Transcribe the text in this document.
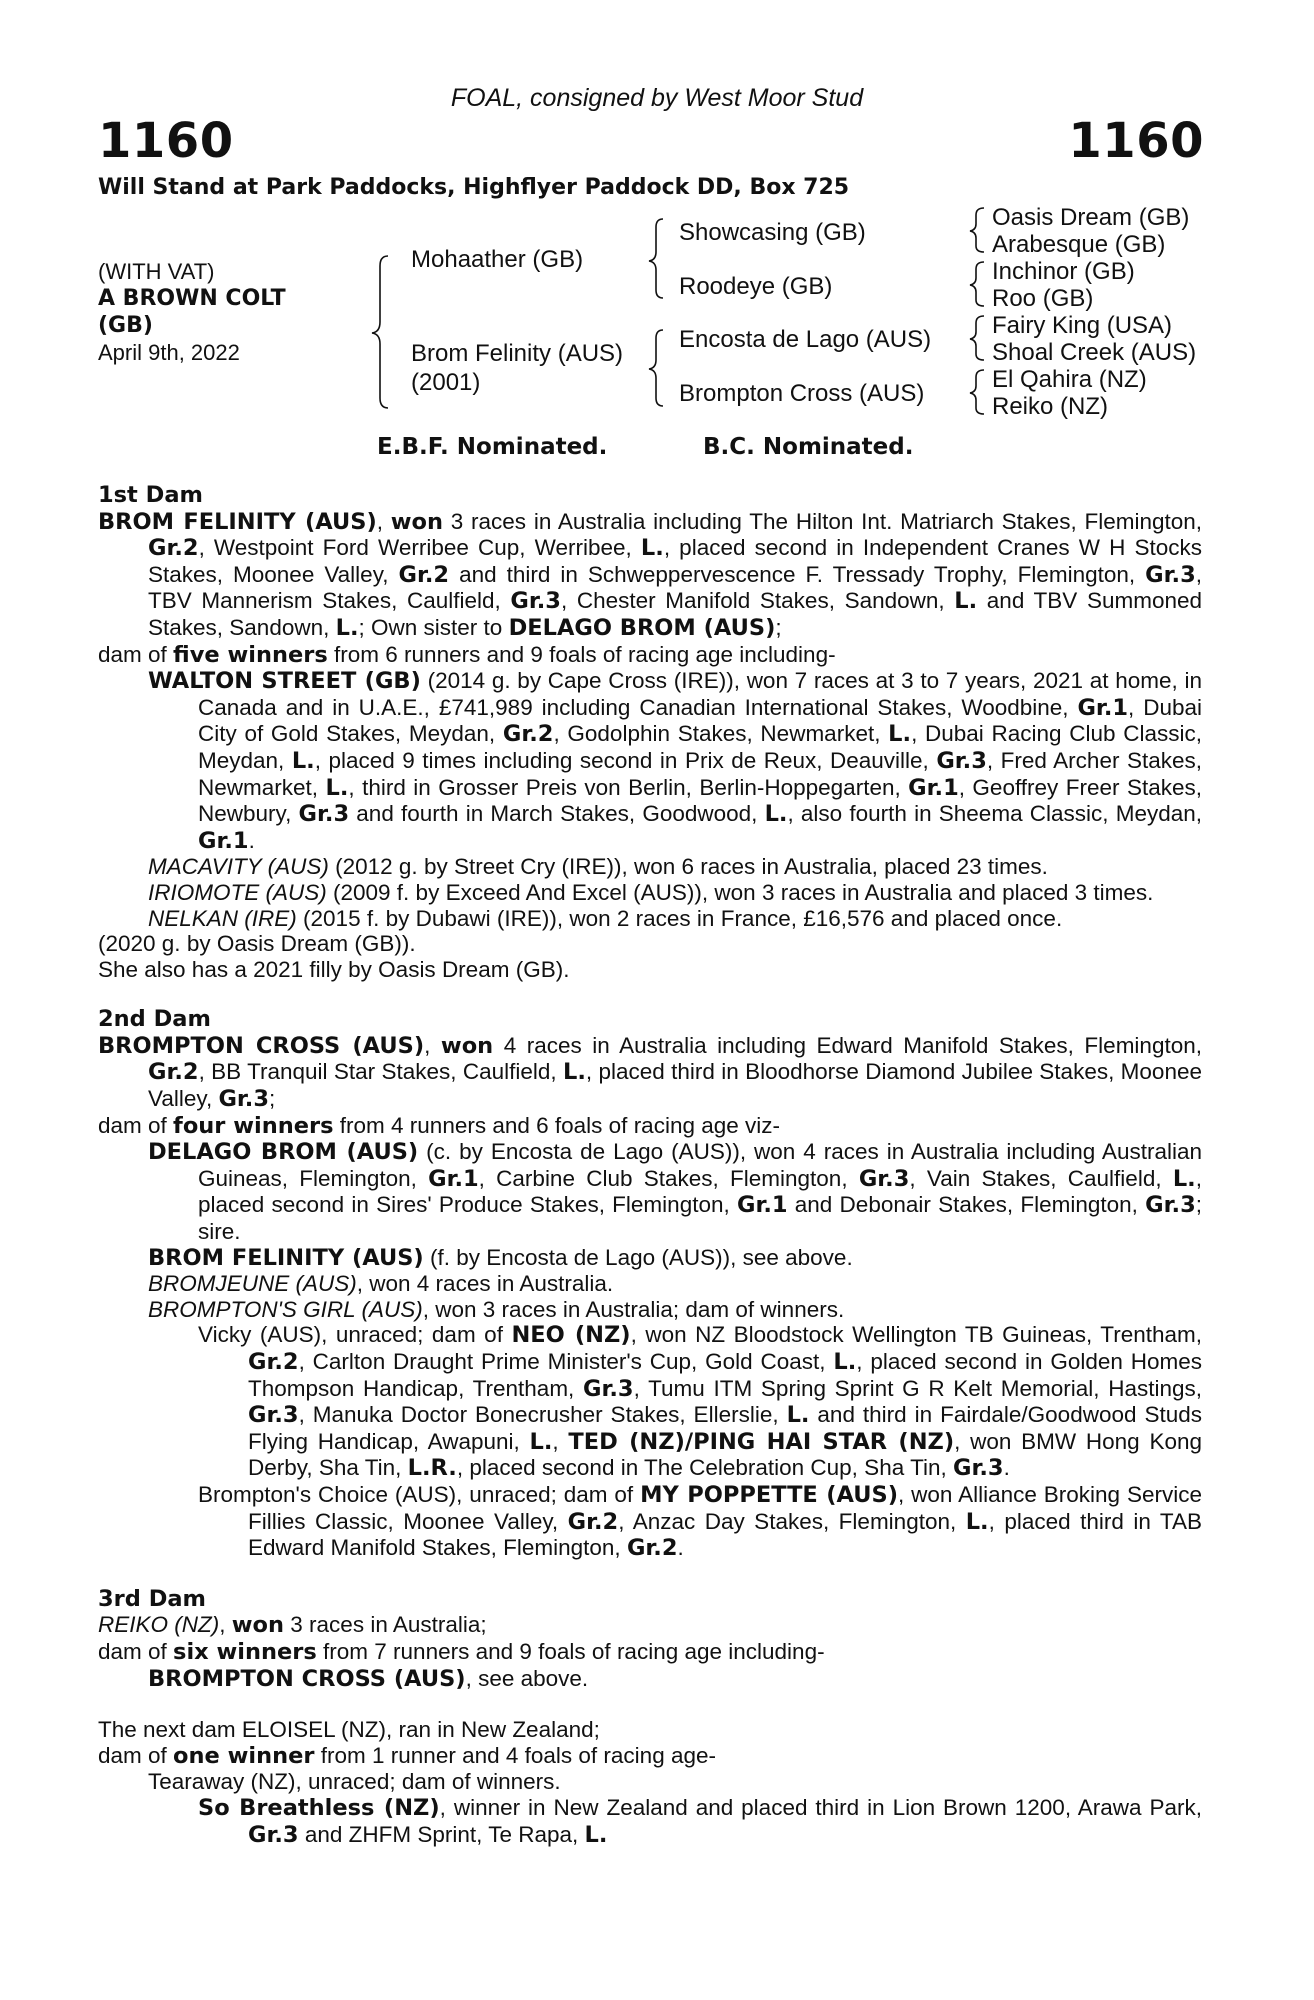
FOAL, consigned by West Moor Stud
1160	1160
Will Stand at Park Paddocks, Highflyer Paddock DD, Box 725
(WITH VAT)
A BROWN COLT
(GB)
April 9th, 2022
Mohaather (GB)
Brom Felinity (AUS)
(2001)
Showcasing (GB)
Roodeye (GB)
Encosta de Lago (AUS)
Brompton Cross (AUS)
Oasis Dream (GB)
Arabesque (GB)
Inchinor (GB)
Roo (GB)
Fairy King (USA)
Shoal Creek (AUS)
El Qahira (NZ)
Reiko (NZ)
E.B.F. Nominated.	B.C. Nominated.
1st Dam
BROM FELINITY (AUS), won 3 races in Australia including The Hilton Int. Matriarch Stakes, Flemington, Gr.2, Westpoint Ford Werribee Cup, Werribee, L., placed second in Independent Cranes W H Stocks Stakes, Moonee Valley, Gr.2 and third in Schweppervescence F. Tressady Trophy, Flemington, Gr.3, TBV Mannerism Stakes, Caulfield, Gr.3, Chester Manifold Stakes, Sandown, L. and TBV Summoned Stakes, Sandown, L.; Own sister to DELAGO BROM (AUS);
dam of five winners from 6 runners and 9 foals of racing age including-
WALTON STREET (GB) (2014 g. by Cape Cross (IRE)), won 7 races at 3 to 7 years, 2021 at home, in Canada and in U.A.E., £741,989 including Canadian International Stakes, Woodbine, Gr.1, Dubai City of Gold Stakes, Meydan, Gr.2, Godolphin Stakes, Newmarket, L., Dubai Racing Club Classic, Meydan, L., placed 9 times including second in Prix de Reux, Deauville, Gr.3, Fred Archer Stakes, Newmarket, L., third in Grosser Preis von Berlin, Berlin-Hoppegarten, Gr.1, Geoffrey Freer Stakes, Newbury, Gr.3 and fourth in March Stakes, Goodwood, L., also fourth in Sheema Classic, Meydan, Gr.1.
MACAVITY (AUS) (2012 g. by Street Cry (IRE)), won 6 races in Australia, placed 23 times.
IRIOMOTE (AUS) (2009 f. by Exceed And Excel (AUS)), won 3 races in Australia and placed 3 times.
NELKAN (IRE) (2015 f. by Dubawi (IRE)), won 2 races in France, £16,576 and placed once.
(2020 g. by Oasis Dream (GB)).
She also has a 2021 filly by Oasis Dream (GB).
2nd Dam
BROMPTON CROSS (AUS), won 4 races in Australia including Edward Manifold Stakes, Flemington, Gr.2, BB Tranquil Star Stakes, Caulfield, L., placed third in Bloodhorse Diamond Jubilee Stakes, Moonee Valley, Gr.3;
dam of four winners from 4 runners and 6 foals of racing age viz-
DELAGO BROM (AUS) (c. by Encosta de Lago (AUS)), won 4 races in Australia including Australian Guineas, Flemington, Gr.1, Carbine Club Stakes, Flemington, Gr.3, Vain Stakes, Caulfield, L., placed second in Sires' Produce Stakes, Flemington, Gr.1 and Debonair Stakes, Flemington, Gr.3; sire.
BROM FELINITY (AUS) (f. by Encosta de Lago (AUS)), see above.
BROMJEUNE (AUS), won 4 races in Australia.
BROMPTON'S GIRL (AUS), won 3 races in Australia; dam of winners.
Vicky (AUS), unraced; dam of NEO (NZ), won NZ Bloodstock Wellington TB Guineas, Trentham, Gr.2, Carlton Draught Prime Minister's Cup, Gold Coast, L., placed second in Golden Homes Thompson Handicap, Trentham, Gr.3, Tumu ITM Spring Sprint G R Kelt Memorial, Hastings, Gr.3, Manuka Doctor Bonecrusher Stakes, Ellerslie, L. and third in Fairdale/Goodwood Studs Flying Handicap, Awapuni, L., TED (NZ)/PING HAI STAR (NZ), won BMW Hong Kong Derby, Sha Tin, L.R., placed second in The Celebration Cup, Sha Tin, Gr.3.
Brompton's Choice (AUS), unraced; dam of MY POPPETTE (AUS), won Alliance Broking Service Fillies Classic, Moonee Valley, Gr.2, Anzac Day Stakes, Flemington, L., placed third in TAB Edward Manifold Stakes, Flemington, Gr.2.
3rd Dam
REIKO (NZ), won 3 races in Australia;
dam of six winners from 7 runners and 9 foals of racing age including-
BROMPTON CROSS (AUS), see above.
The next dam ELOISEL (NZ), ran in New Zealand;
dam of one winner from 1 runner and 4 foals of racing age-
Tearaway (NZ), unraced; dam of winners.
So Breathless (NZ), winner in New Zealand and placed third in Lion Brown 1200, Arawa Park, Gr.3 and ZHFM Sprint, Te Rapa, L.
